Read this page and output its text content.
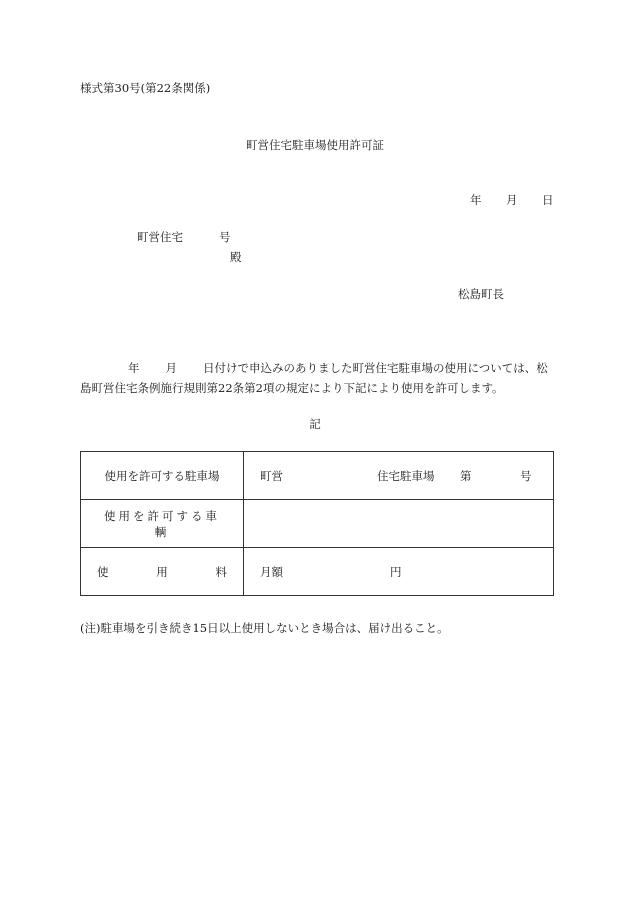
様式第30号(第22条関係)
町営住宅駐車場使用許可証
年 月 日
町営住宅	号
殿
松島町長
年 月 日付けで申込みのありました町営住宅駐車場の使用については、松
島町営住宅条例施行規則第22条第2項の規定により下記により使用を許可します。
記
使用を許可する駐車場	町営 住宅駐車場 第 号

使用を許可する車輌	

使 用 料	月額 円
(注)駐車場を引き続き15日以上使用しないとき場合は、届け出ること。
